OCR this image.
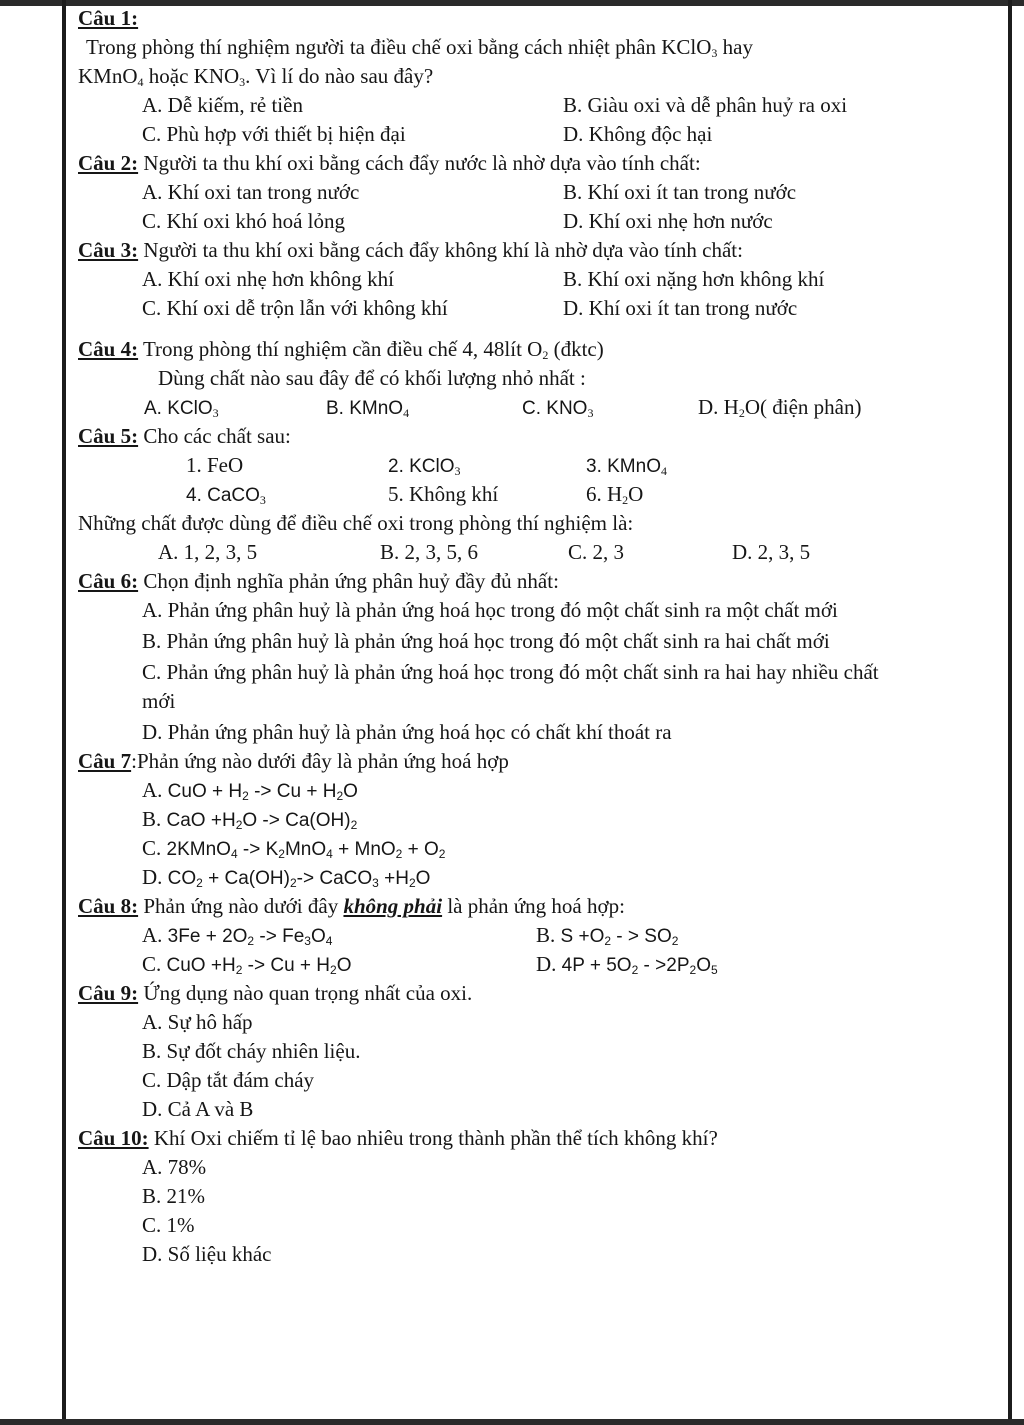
Câu 1:
Trong phòng thí nghiệm người ta điều chế oxi bằng cách nhiệt phân KClO$_3$ hay
KMnO$_4$ hoặc $KNO_3$. Vì lí do nào sau đây?
A. Dễ kiếm, rẻ tiền	B. Giàu oxi và dễ phân huỷ ra oxi
C. Phù hợp với thiết bị hiện đại	D. Không độc hại
Câu 2: Người ta thu khí oxi bằng cách đẩy nước là nhờ dựa vào tính chất:
A. Khí oxi tan trong nước	B. Khí oxi ít tan trong nước
C. Khí oxi khó hoá lỏng	D. Khí oxi nhẹ hơn nước
Câu 3: Người ta thu khí oxi bằng cách đẩy không khí là nhờ dựa vào tính chất:
A. Khí oxi nhẹ hơn không khí	B. Khí oxi nặng hơn không khí
C. Khí oxi dễ trộn lẫn với không khí	D. Khí oxi ít tan trong nước
Câu 4: Trong phòng thí nghiệm cần điều chế 4, 48lít $O_2$ (đktc)
Dùng chất nào sau đây để có khối lượng nhỏ nhất :
A. KClO$_3$	B. KMnO$_4$	C. $KNO_3$	D. $H_2O$( điện phân)
Câu 5: Cho các chất sau:
1. FeO	2. KClO$_3$	3. KMnO$_4$
4. CaCO$_3$	5. Không khí	6. $H_2O$
Những chất được dùng để điều chế oxi trong phòng thí nghiệm là:
A. 1, 2, 3, 5	B. 2, 3, 5, 6	C. 2, 3	D. 2, 3, 5
Câu 6: Chọn định nghĩa phản ứng phân huỷ đầy đủ nhất:
A. Phản ứng phân huỷ là phản ứng hoá học trong đó một chất sinh ra một chất mới
B. Phản ứng phân huỷ là phản ứng hoá học trong đó một chất sinh ra hai chất mới
C. Phản ứng phân huỷ là phản ứng hoá học trong đó một chất sinh ra hai hay nhiều chất mới
D. Phản ứng phân huỷ là phản ứng hoá học có chất khí thoát ra
Câu 7:Phản ứng nào dưới đây là phản ứng hoá hợp
A. CuO + $H_2 -> Cu + H_2O$
B. CaO $+H_2O -> Ca(OH)_2$
C. 2KMnO$_4$ -> $K_2MnO_4 + MnO_2 + O_2$
D. $CO_2 + Ca(OH)_2->$ CaCO$_3$ $+H_2O$
Câu 8: Phản ứng nào dưới đây không phải là phản ứng hoá hợp:
A. $3Fe + 2O_2 -> Fe_3O_4$	B. $S +O_2$ - > $SO_2$
C. CuO $+H_2 -> Cu + H_2O$	D. $4P + 5O_2 - >2P_2O_5$
Câu 9: Ứng dụng nào quan trọng nhất của oxi.
A. Sự hô hấp
B. Sự đốt cháy nhiên liệu.
C. Dập tắt đám cháy
D. Cả A và B
Câu 10: Khí Oxi chiếm tỉ lệ bao nhiêu trong thành phần thể tích không khí?
A. 78%
B. 21%
C. 1%
D. Số liệu khác
